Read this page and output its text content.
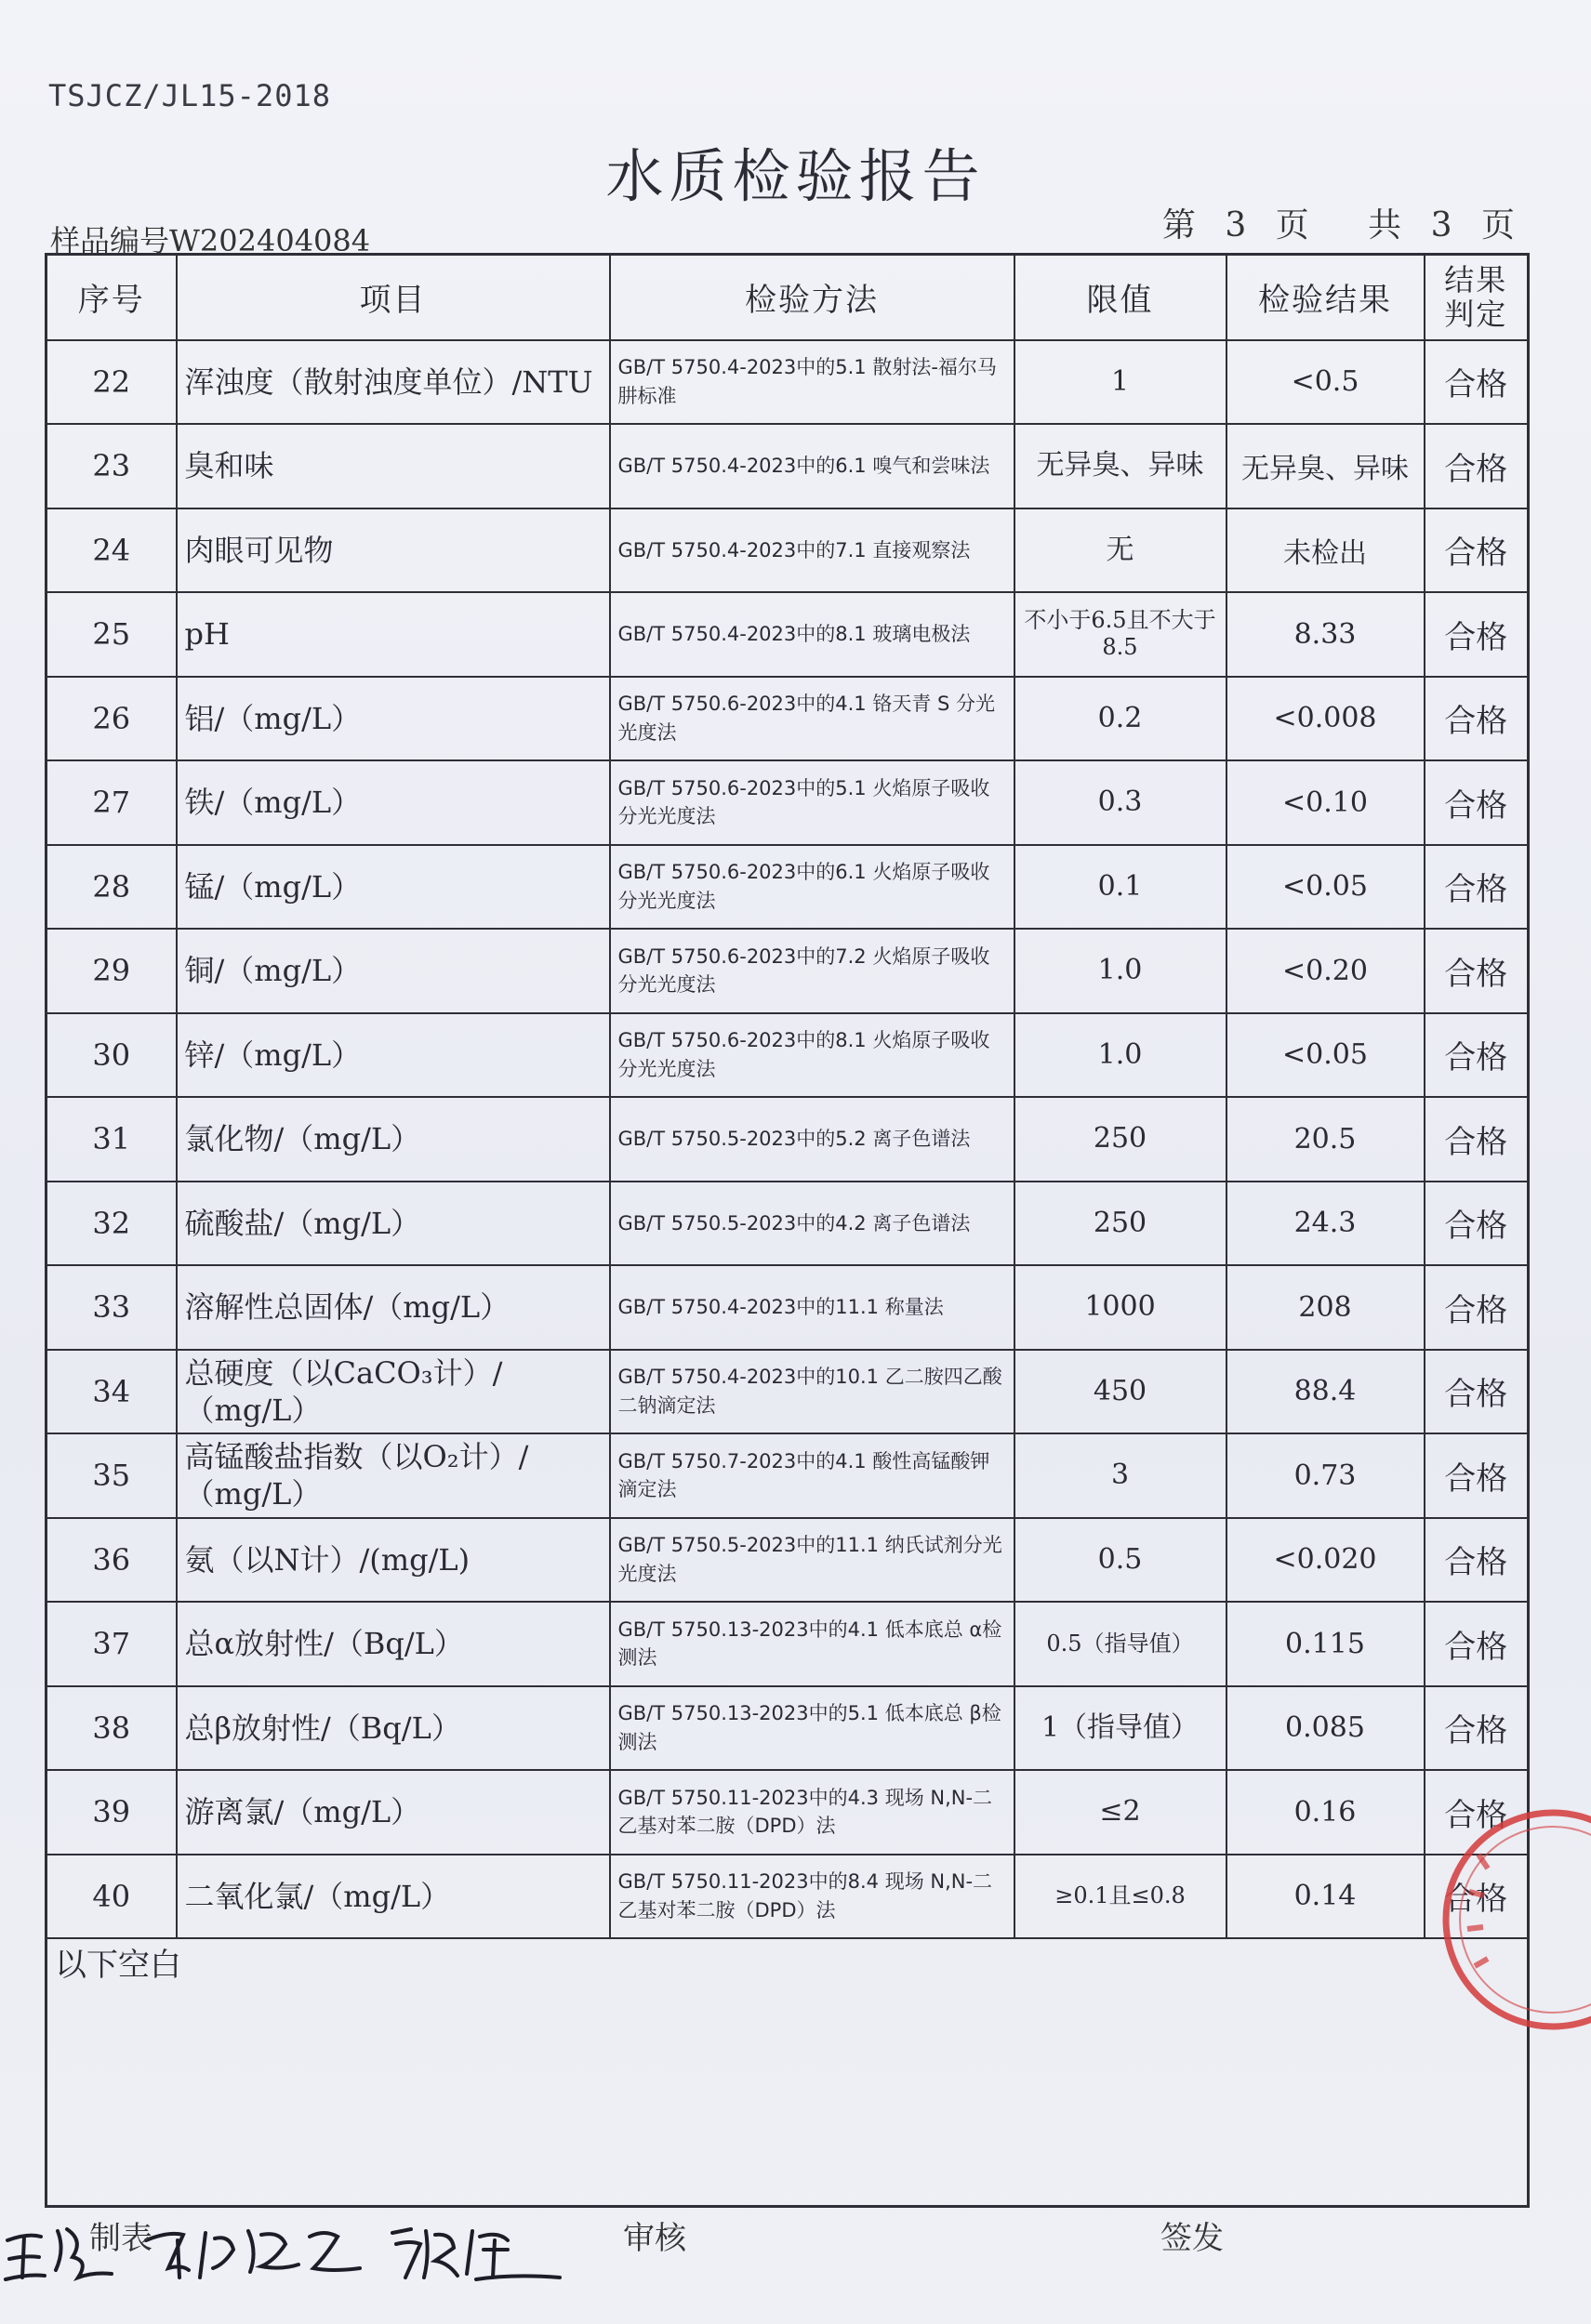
TSJCZ/JL15-2018
水质检验报告
样品编号W202404084	第 3 页 共 3 页
序号	项目	检验方法	限值	检验结果	结果判定
22	浑浊度（散射浊度单位）/NTU	GB/T 5750.4-2023中的5.1 散射法-福尔马肼标准	1	<0.5	合格
23	臭和味	GB/T 5750.4-2023中的6.1 嗅气和尝味法	无异臭、异味	无异臭、异味	合格
24	肉眼可见物	GB/T 5750.4-2023中的7.1 直接观察法	无	未检出	合格
25	pH	GB/T 5750.4-2023中的8.1 玻璃电极法	不小于6.5且不大于8.5	8.33	合格
26	铝/（mg/L）	GB/T 5750.6-2023中的4.1 铬天青 S 分光光度法	0.2	<0.008	合格
27	铁/（mg/L）	GB/T 5750.6-2023中的5.1 火焰原子吸收分光光度法	0.3	<0.10	合格
28	锰/（mg/L）	GB/T 5750.6-2023中的6.1 火焰原子吸收分光光度法	0.1	<0.05	合格
29	铜/（mg/L）	GB/T 5750.6-2023中的7.2 火焰原子吸收分光光度法	1.0	<0.20	合格
30	锌/（mg/L）	GB/T 5750.6-2023中的8.1 火焰原子吸收分光光度法	1.0	<0.05	合格
31	氯化物/（mg/L）	GB/T 5750.5-2023中的5.2 离子色谱法	250	20.5	合格
32	硫酸盐/（mg/L）	GB/T 5750.5-2023中的4.2 离子色谱法	250	24.3	合格
33	溶解性总固体/（mg/L）	GB/T 5750.4-2023中的11.1 称量法	1000	208	合格
34	总硬度（以CaCO₃计）/（mg/L）	GB/T 5750.4-2023中的10.1 乙二胺四乙酸二钠滴定法	450	88.4	合格
35	高锰酸盐指数（以O₂计）/（mg/L）	GB/T 5750.7-2023中的4.1 酸性高锰酸钾滴定法	3	0.73	合格
36	氨（以N计）/(mg/L)	GB/T 5750.5-2023中的11.1 纳氏试剂分光光度法	0.5	<0.020	合格
37	总α放射性/（Bq/L）	GB/T 5750.13-2023中的4.1 低本底总 α检测法	0.5（指导值）	0.115	合格
38	总β放射性/（Bq/L）	GB/T 5750.13-2023中的5.1 低本底总 β检测法	1（指导值）	0.085	合格
39	游离氯/（mg/L）	GB/T 5750.11-2023中的4.3 现场 N,N-二乙基对苯二胺（DPD）法	≤2	0.16	合格
40	二氧化氯/（mg/L）	GB/T 5750.11-2023中的8.4 现场 N,N-二乙基对苯二胺（DPD）法	≥0.1且≤0.8	0.14	合格
以下空白					
制表
	审核
	签发
